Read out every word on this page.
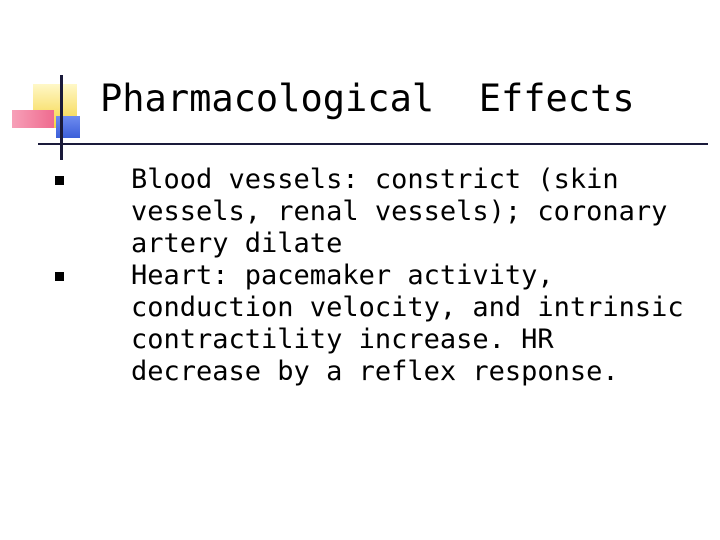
Pharmacological  Effects
Blood vessels: constrict (skin vessels, renal vessels); coronary artery dilate
Heart: pacemaker activity, conduction velocity, and intrinsic contractility increase. HR decrease by a reflex response.
